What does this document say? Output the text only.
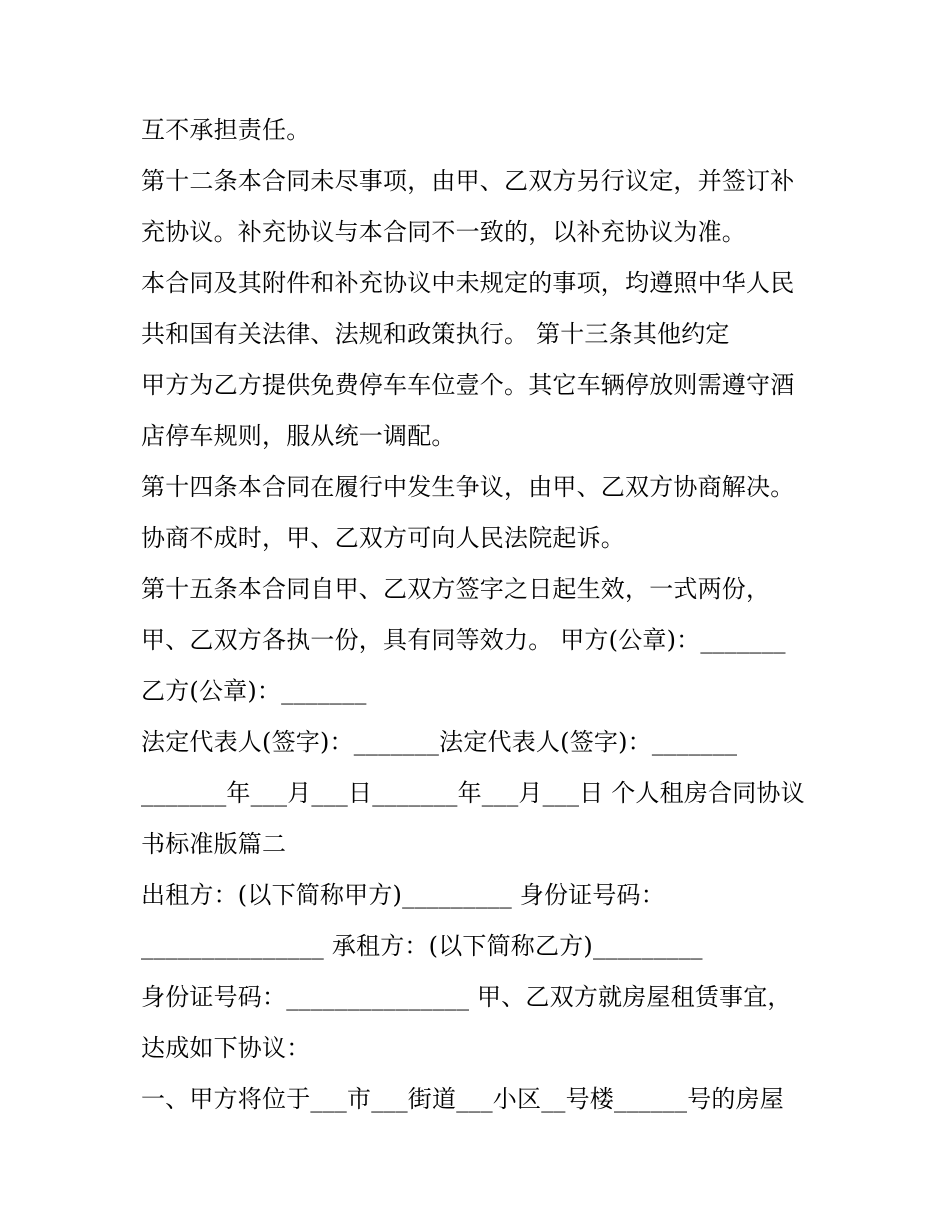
互不承担责任。
第十二条本合同未尽事项，由甲、乙双方另行议定，并签订补
充协议。补充协议与本合同不一致的，以补充协议为准。
本合同及其附件和补充协议中未规定的事项，均遵照中华人民
共和国有关法律、法规和政策执行。 第十三条其他约定
甲方为乙方提供免费停车车位壹个。其它车辆停放则需遵守酒
店停车规则，服从统一调配。
第十四条本合同在履行中发生争议，由甲、乙双方协商解决。
协商不成时，甲、乙双方可向人民法院起诉。
第十五条本合同自甲、乙双方签字之日起生效，一式两份，
甲、乙双方各执一份，具有同等效力。 甲方(公章)：_______
乙方(公章)：_______
法定代表人(签字)：_______法定代表人(签字)：_______
_______年___月___日_______年___月___日 个人租房合同协议
书标准版篇二
出租方：(以下简称甲方)_________ 身份证号码：
_______________ 承租方：(以下简称乙方)_________
身份证号码：_______________ 甲、乙双方就房屋租赁事宜，
达成如下协议：
一、甲方将位于___市___街道___小区__号楼______号的房屋
